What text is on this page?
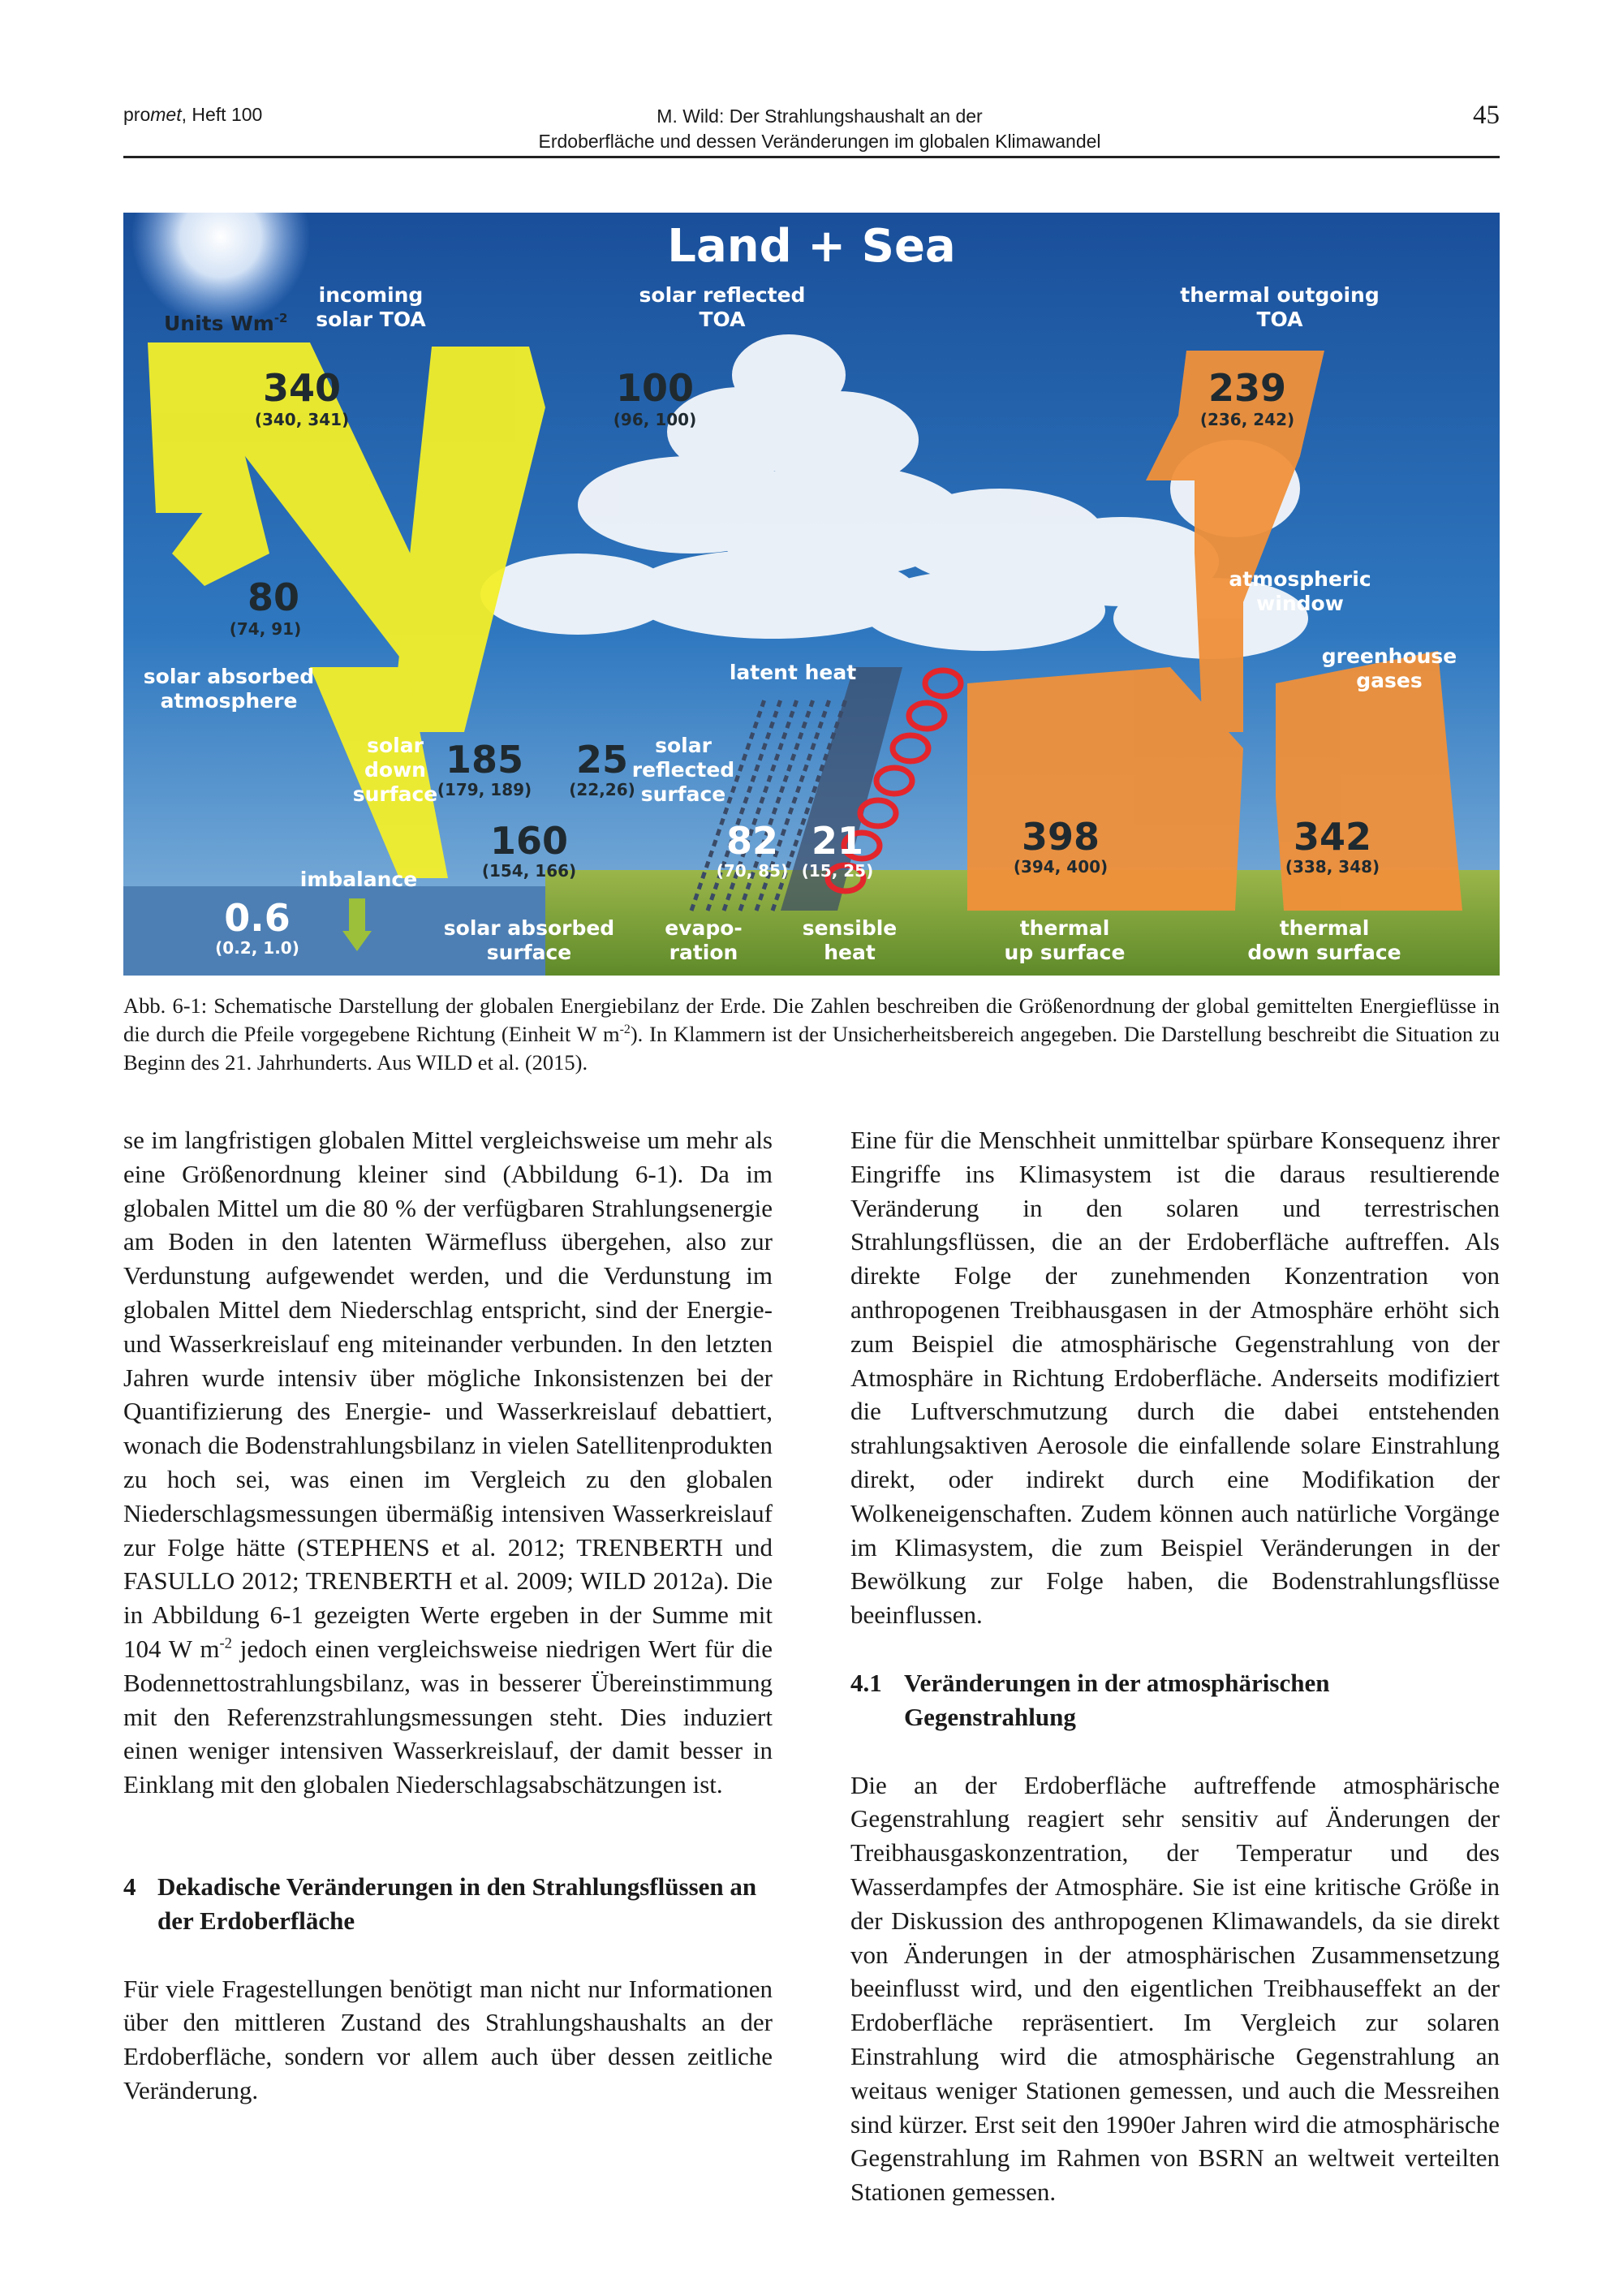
promet, Heft 100	M. Wild: Der Strahlungshaushalt an der
Erdoberfläche und dessen Veränderungen im globalen Klimawandel
45
Land + Sea
Units $Wm^{-2}$
incoming solar TOA
solar reflected TOA
thermal outgoing TOA
solar absorbed atmosphere
latent heat
atmospheric window
greenhouse gases
solar down surface
solar reflected surface
imbalance
solar absorbed surface
evapo-ration
sensible heat
thermal up surface
thermal down surface
340
(340, 341)
100
(96, 100)
239
(236, 242)
80
(74, 91)
185
(179, 189)
25
(22,26)
160
(154, 166)
398
(394, 400)
342
(338, 348)
82
(70, 85)
21
(15, 25)
0.6
(0.2, 1.0)
Abb. 6-1: Schematische Darstellung der globalen Energiebilanz der Erde. Die Zahlen beschreiben die Größenordnung der global gemittelten Energieflüsse in die durch die Pfeile vorgegebene Richtung (Einheit W $m^{-2}$). In Klammern ist der Unsicherheitsbereich angegeben. Die Darstellung beschreibt die Situation zu Beginn des 21. Jahrhunderts. Aus WILD et al. (2015).

se im langfristigen globalen Mittel vergleichsweise um mehr als eine Größenordnung kleiner sind (Abbildung 6-1). Da im globalen Mittel um die 80 % der verfügbaren Strahlungsenergie am Boden in den latenten Wärmefluss übergehen, also zur Verdunstung aufgewendet werden, und die Verdunstung im globalen Mittel dem Niederschlag entspricht, sind der Energie- und Wasserkreislauf eng miteinander verbunden. In den letzten Jahren wurde intensiv über mögliche Inkonsistenzen bei der Quantifizierung des Energie- und Wasserkreislauf debattiert, wonach die Bodenstrahlungsbilanz in vielen Satellitenprodukten zu hoch sei, was einen im Vergleich zu den globalen Niederschlagsmessungen übermäßig intensiven Wasserkreislauf zur Folge hätte (STEPHENS et al. 2012; TRENBERTH und FASULLO 2012; TRENBERTH et al. 2009; WILD 2012a). Die in Abbildung 6-1 gezeigten Werte ergeben in der Summe mit 104 W $m^{-2}$ jedoch einen vergleichsweise niedrigen Wert für die Bodennettostrahlungsbilanz, was in besserer Übereinstimmung mit den Referenzstrahlungsmessungen steht. Dies induziert einen weniger intensiven Wasserkreislauf, der damit besser in Einklang mit den globalen Niederschlagsabschätzungen ist.

4 Dekadische Veränderungen in den Strahlungsflüssen an der Erdoberfläche

Für viele Fragestellungen benötigt man nicht nur Informationen über den mittleren Zustand des Strahlungshaushalts an der Erdoberfläche, sondern vor allem auch über dessen zeitliche Veränderung.

Eine für die Menschheit unmittelbar spürbare Konsequenz ihrer Eingriffe ins Klimasystem ist die daraus resultierende Veränderung in den solaren und terrestrischen Strahlungsflüssen, die an der Erdoberfläche auftreffen. Als direkte Folge der zunehmenden Konzentration von anthropogenen Treibhausgasen in der Atmosphäre erhöht sich zum Beispiel die atmosphärische Gegenstrahlung von der Atmosphäre in Richtung Erdoberfläche. Anderseits modifiziert die Luftverschmutzung durch die dabei entstehenden strahlungsaktiven Aerosole die einfallende solare Einstrahlung direkt, oder indirekt durch eine Modifikation der Wolkeneigenschaften. Zudem können auch natürliche Vorgänge im Klimasystem, die zum Beispiel Veränderungen in der Bewölkung zur Folge haben, die Bodenstrahlungsflüsse beeinflussen.

4.1 Veränderungen in der atmosphärischen Gegenstrahlung

Die an der Erdoberfläche auftreffende atmosphärische Gegenstrahlung reagiert sehr sensitiv auf Änderungen der Treibhausgaskonzentration, der Temperatur und des Wasserdampfes der Atmosphäre. Sie ist eine kritische Größe in der Diskussion des anthropogenen Klimawandels, da sie direkt von Änderungen in der atmosphärischen Zusammensetzung beeinflusst wird, und den eigentlichen Treibhauseffekt an der Erdoberfläche repräsentiert. Im Vergleich zur solaren Einstrahlung wird die atmosphärische Gegenstrahlung an weitaus weniger Stationen gemessen, und auch die Messreihen sind kürzer. Erst seit den 1990er Jahren wird die atmosphärische Gegenstrahlung im Rahmen von BSRN an weltweit verteilten Stationen gemessen.
